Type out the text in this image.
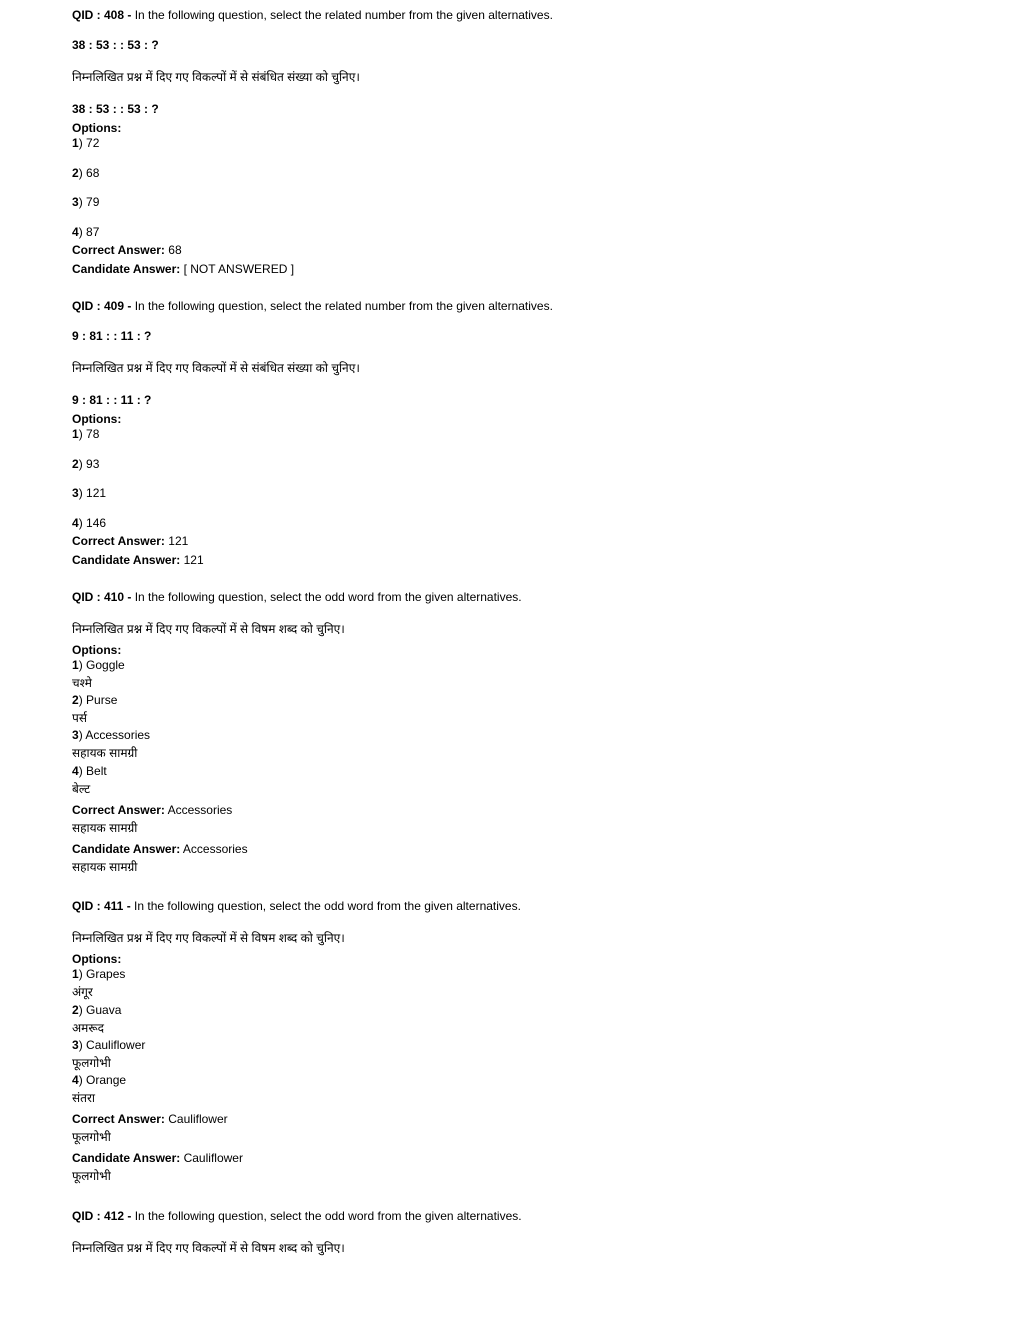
QID : 408 - In the following question, select the related number from the given alternatives.
38 : 53 : : 53 : ?
निम्नलिखित प्रश्न में दिए गए विकल्पों में से संबंधित संख्या को चुनिए।
38 : 53 : : 53 : ?
Options:
1) 72
2) 68
3) 79
4) 87
Correct Answer: 68
Candidate Answer: [ NOT ANSWERED ]
QID : 409 - In the following question, select the related number from the given alternatives.
9 : 81 : : 11 : ?
निम्नलिखित प्रश्न में दिए गए विकल्पों में से संबंधित संख्या को चुनिए।
9 : 81 : : 11 : ?
Options:
1) 78
2) 93
3) 121
4) 146
Correct Answer: 121
Candidate Answer: 121
QID : 410 - In the following question, select the odd word from the given alternatives.
निम्नलिखित प्रश्न में दिए गए विकल्पों में से विषम शब्द को चुनिए।
Options:
1) Goggle
चश्मे
2) Purse
पर्स
3) Accessories
सहायक सामग्री
4) Belt
बेल्ट
Correct Answer: Accessories
सहायक सामग्री
Candidate Answer: Accessories
सहायक सामग्री
QID : 411 - In the following question, select the odd word from the given alternatives.
निम्नलिखित प्रश्न में दिए गए विकल्पों में से विषम शब्द को चुनिए।
Options:
1) Grapes
अंगूर
2) Guava
अमरूद
3) Cauliflower
फूलगोभी
4) Orange
संतरा
Correct Answer: Cauliflower
फूलगोभी
Candidate Answer: Cauliflower
फूलगोभी
QID : 412 - In the following question, select the odd word from the given alternatives.
निम्नलिखित प्रश्न में दिए गए विकल्पों में से विषम शब्द को चुनिए।
